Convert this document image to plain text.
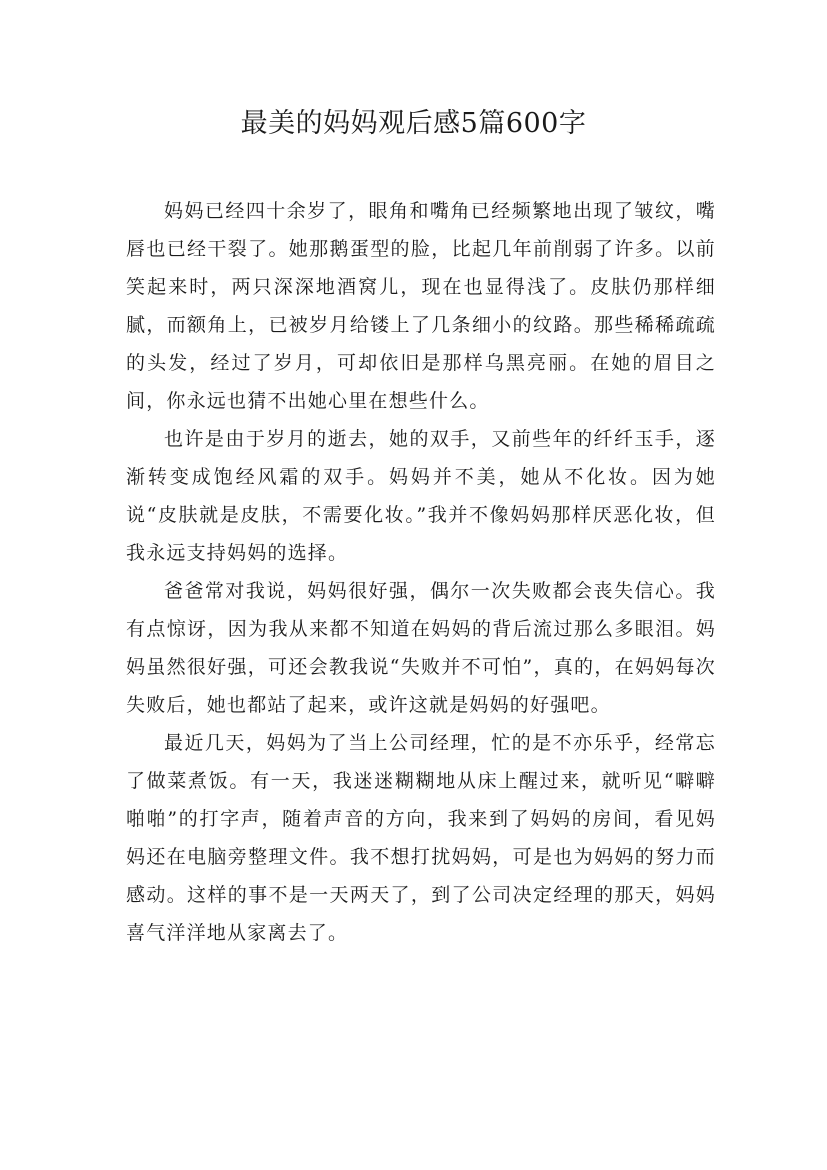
最美的妈妈观后感5篇600字

妈妈已经四十余岁了，眼角和嘴角已经频繁地出现了皱纹，嘴唇也已经干裂了。她那鹅蛋型的脸，比起几年前削弱了许多。以前笑起来时，两只深深地酒窝儿，现在也显得浅了。皮肤仍那样细腻，而额角上，已被岁月给镂上了几条细小的纹路。那些稀稀疏疏的头发，经过了岁月，可却依旧是那样乌黑亮丽。在她的眉目之间，你永远也猜不出她心里在想些什么。

也许是由于岁月的逝去，她的双手，又前些年的纤纤玉手，逐渐转变成饱经风霜的双手。妈妈并不美，她从不化妆。因为她说“皮肤就是皮肤，不需要化妆。”我并不像妈妈那样厌恶化妆，但我永远支持妈妈的选择。

爸爸常对我说，妈妈很好强，偶尔一次失败都会丧失信心。我有点惊讶，因为我从来都不知道在妈妈的背后流过那么多眼泪。妈妈虽然很好强，可还会教我说“失败并不可怕”，真的，在妈妈每次失败后，她也都站了起来，或许这就是妈妈的好强吧。

最近几天，妈妈为了当上公司经理，忙的是不亦乐乎，经常忘了做菜煮饭。有一天，我迷迷糊糊地从床上醒过来，就听见“噼噼啪啪”的打字声，随着声音的方向，我来到了妈妈的房间，看见妈妈还在电脑旁整理文件。我不想打扰妈妈，可是也为妈妈的努力而感动。这样的事不是一天两天了，到了公司决定经理的那天，妈妈喜气洋洋地从家离去了。
